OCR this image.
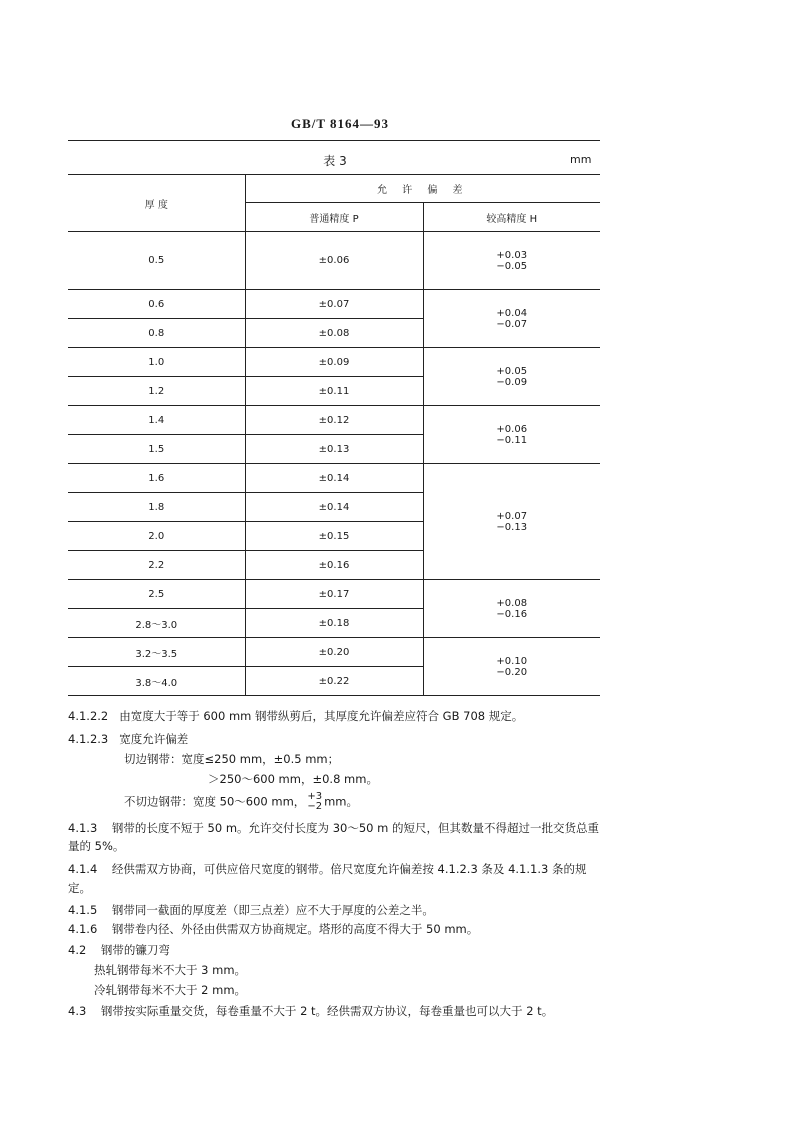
GB/T 8164—93
表 3	mm
厚 度	允 许 偏 差	
	普通精度 P	较高精度 H
0.5	±0.06	+0.03
−0.05

0.6	±0.07	+0.04
−0.07

0.8	±0.08	
1.0	±0.09	+0.05
−0.09

1.2	±0.11	
1.4	±0.12	+0.06
−0.11

1.5	±0.13	
1.6	±0.14	+0.07
−0.13

1.8	±0.14	
2.0	±0.15	
2.2	±0.16	
2.5	±0.17	+0.08
−0.16

2.8～3.0	±0.18	
3.2～3.5	±0.20	+0.10
−0.20

3.8～4.0	±0.22	
4.1.2.2 由宽度大于等于 600 mm 钢带纵剪后，其厚度允许偏差应符合 GB 708 规定。
4.1.2.3 宽度允许偏差
切边钢带：宽度≤250 mm，±0.5 mm；
＞250～600 mm，±0.8 mm。
不切边钢带：宽度 50～600 mm， +3
−2 mm。
4.1.3 钢带的长度不短于 50 m。允许交付长度为 30～50 m 的短尺，但其数量不得超过一批交货总重
量的 5%。
4.1.4 经供需双方协商，可供应倍尺宽度的钢带。倍尺宽度允许偏差按 4.1.2.3 条及 4.1.1.3 条的规
定。
4.1.5 钢带同一截面的厚度差（即三点差）应不大于厚度的公差之半。
4.1.6 钢带卷内径、外径由供需双方协商规定。塔形的高度不得大于 50 mm。
4.2 钢带的镰刀弯
热轧钢带每米不大于 3 mm。
冷轧钢带每米不大于 2 mm。
4.3 钢带按实际重量交货，每卷重量不大于 2 t。经供需双方协议，每卷重量也可以大于 2 t。
